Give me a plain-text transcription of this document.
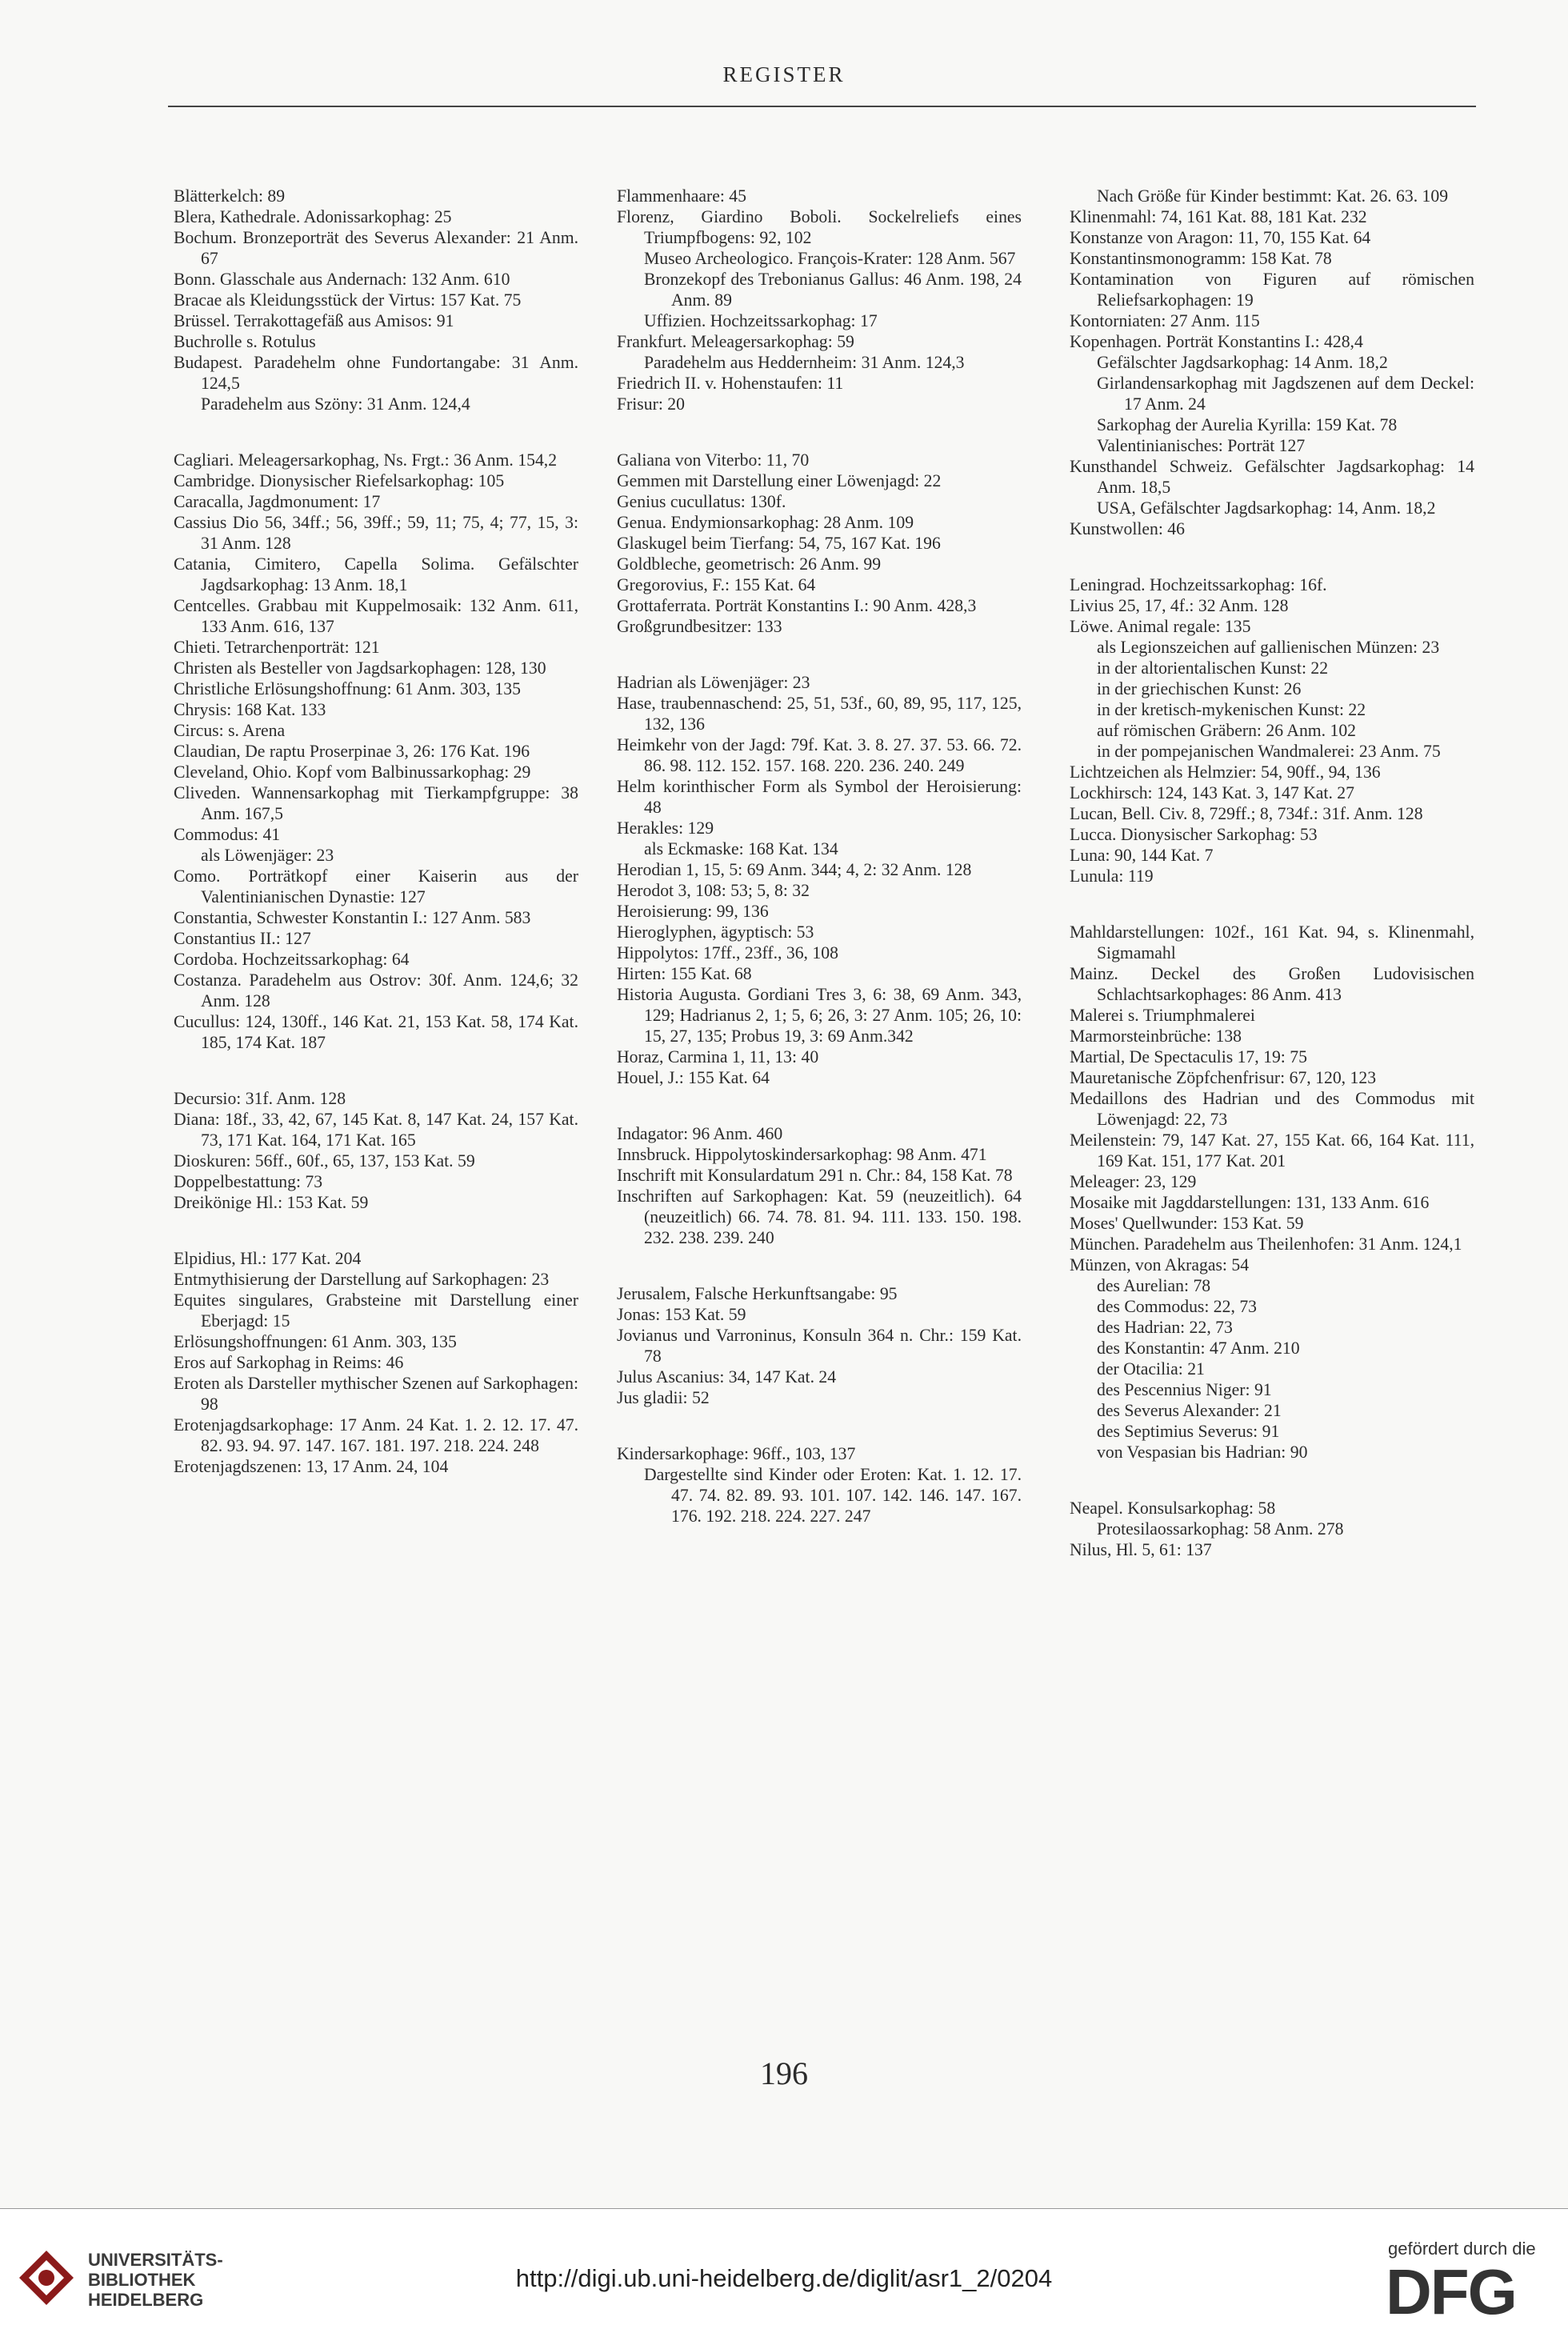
REGISTER

Blätterkelch: 89

Blera, Kathedrale. Adonissarkophag: 25

Bochum. Bronzeporträt des Severus Alexander: 21 Anm. 67

Bonn. Glasschale aus Andernach: 132 Anm. 610

Bracae als Kleidungsstück der Virtus: 157 Kat. 75

Brüssel. Terrakottagefäß aus Amisos: 91

Buchrolle s. Rotulus

Budapest. Paradehelm ohne Fundortangabe: 31 Anm. 124,5

Paradehelm aus Szöny: 31 Anm. 124,4

Cagliari. Meleagersarkophag, Ns. Frgt.: 36 Anm. 154,2

Cambridge. Dionysischer Riefelsarkophag: 105

Caracalla, Jagdmonument: 17

Cassius Dio 56, 34ff.; 56, 39ff.; 59, 11; 75, 4; 77, 15, 3: 31 Anm. 128

Catania, Cimitero, Capella Solima. Gefälschter Jagdsarkophag: 13 Anm. 18,1

Centcelles. Grabbau mit Kuppelmosaik: 132 Anm. 611, 133 Anm. 616, 137

Chieti. Tetrarchenporträt: 121

Christen als Besteller von Jagdsarkophagen: 128, 130

Christliche Erlösungshoffnung: 61 Anm. 303, 135

Chrysis: 168 Kat. 133

Circus: s. Arena

Claudian, De raptu Proserpinae 3, 26: 176 Kat. 196

Cleveland, Ohio. Kopf vom Balbinussarkophag: 29

Cliveden. Wannensarkophag mit Tierkampfgruppe: 38 Anm. 167,5

Commodus: 41

als Löwenjäger: 23

Como. Porträtkopf einer Kaiserin aus der Valentinianischen Dynastie: 127

Constantia, Schwester Konstantin I.: 127 Anm. 583

Constantius II.: 127

Cordoba. Hochzeitssarkophag: 64

Costanza. Paradehelm aus Ostrov: 30f. Anm. 124,6; 32 Anm. 128

Cucullus: 124, 130ff., 146 Kat. 21, 153 Kat. 58, 174 Kat. 185, 174 Kat. 187

Decursio: 31f. Anm. 128

Diana: 18f., 33, 42, 67, 145 Kat. 8, 147 Kat. 24, 157 Kat. 73, 171 Kat. 164, 171 Kat. 165

Dioskuren: 56ff., 60f., 65, 137, 153 Kat. 59

Doppelbestattung: 73

Dreikönige Hl.: 153 Kat. 59

Elpidius, Hl.: 177 Kat. 204

Entmythisierung der Darstellung auf Sarkophagen: 23

Equites singulares, Grabsteine mit Darstellung einer Eberjagd: 15

Erlösungshoffnungen: 61 Anm. 303, 135

Eros auf Sarkophag in Reims: 46

Eroten als Darsteller mythischer Szenen auf Sarkophagen: 98

Erotenjagdsarkophage: 17 Anm. 24 Kat. 1. 2. 12. 17. 47. 82. 93. 94. 97. 147. 167. 181. 197. 218. 224. 248

Erotenjagdszenen: 13, 17 Anm. 24, 104

Flammenhaare: 45

Florenz, Giardino Boboli. Sockelreliefs eines Triumpfbogens: 92, 102

Museo Archeologico. François-Krater: 128 Anm. 567

Bronzekopf des Trebonianus Gallus: 46 Anm. 198, 24 Anm. 89

Uffizien. Hochzeitssarkophag: 17

Frankfurt. Meleagersarkophag: 59

Paradehelm aus Heddernheim: 31 Anm. 124,3

Friedrich II. v. Hohenstaufen: 11

Frisur: 20

Galiana von Viterbo: 11, 70

Gemmen mit Darstellung einer Löwenjagd: 22

Genius cucullatus: 130f.

Genua. Endymionsarkophag: 28 Anm. 109

Glaskugel beim Tierfang: 54, 75, 167 Kat. 196

Goldbleche, geometrisch: 26 Anm. 99

Gregorovius, F.: 155 Kat. 64

Grottaferrata. Porträt Konstantins I.: 90 Anm. 428,3

Großgrundbesitzer: 133

Hadrian als Löwenjäger: 23

Hase, traubennaschend: 25, 51, 53f., 60, 89, 95, 117, 125, 132, 136

Heimkehr von der Jagd: 79f. Kat. 3. 8. 27. 37. 53. 66. 72. 86. 98. 112. 152. 157. 168. 220. 236. 240. 249

Helm korinthischer Form als Symbol der Heroisierung: 48

Herakles: 129

als Eckmaske: 168 Kat. 134

Herodian 1, 15, 5: 69 Anm. 344; 4, 2: 32 Anm. 128

Herodot 3, 108: 53; 5, 8: 32

Heroisierung: 99, 136

Hieroglyphen, ägyptisch: 53

Hippolytos: 17ff., 23ff., 36, 108

Hirten: 155 Kat. 68

Historia Augusta. Gordiani Tres 3, 6: 38, 69 Anm. 343, 129; Hadrianus 2, 1; 5, 6; 26, 3: 27 Anm. 105; 26, 10: 15, 27, 135; Probus 19, 3: 69 Anm.342

Horaz, Carmina 1, 11, 13: 40

Houel, J.: 155 Kat. 64

Indagator: 96 Anm. 460

Innsbruck. Hippolytoskindersarkophag: 98 Anm. 471

Inschrift mit Konsulardatum 291 n. Chr.: 84, 158 Kat. 78

Inschriften auf Sarkophagen: Kat. 59 (neuzeitlich). 64 (neuzeitlich) 66. 74. 78. 81. 94. 111. 133. 150. 198. 232. 238. 239. 240

Jerusalem, Falsche Herkunftsangabe: 95

Jonas: 153 Kat. 59

Jovianus und Varroninus, Konsuln 364 n. Chr.: 159 Kat. 78

Julus Ascanius: 34, 147 Kat. 24

Jus gladii: 52

Kindersarkophage: 96ff., 103, 137

Dargestellte sind Kinder oder Eroten: Kat. 1. 12. 17. 47. 74. 82. 89. 93. 101. 107. 142. 146. 147. 167. 176. 192. 218. 224. 227. 247

Nach Größe für Kinder bestimmt: Kat. 26. 63. 109

Klinenmahl: 74, 161 Kat. 88, 181 Kat. 232

Konstanze von Aragon: 11, 70, 155 Kat. 64

Konstantinsmonogramm: 158 Kat. 78

Kontamination von Figuren auf römischen Reliefsarkophagen: 19

Kontorniaten: 27 Anm. 115

Kopenhagen. Porträt Konstantins I.: 428,4

Gefälschter Jagdsarkophag: 14 Anm. 18,2

Girlandensarkophag mit Jagdszenen auf dem Deckel: 17 Anm. 24

Sarkophag der Aurelia Kyrilla: 159 Kat. 78

Valentinianisches: Porträt 127

Kunsthandel Schweiz. Gefälschter Jagdsarkophag: 14 Anm. 18,5

USA, Gefälschter Jagdsarkophag: 14, Anm. 18,2

Kunstwollen: 46

Leningrad. Hochzeitssarkophag: 16f.

Livius 25, 17, 4f.: 32 Anm. 128

Löwe. Animal regale: 135

als Legionszeichen auf gallienischen Münzen: 23

in der altorientalischen Kunst: 22

in der griechischen Kunst: 26

in der kretisch-mykenischen Kunst: 22

auf römischen Gräbern: 26 Anm. 102

in der pompejanischen Wandmalerei: 23 Anm. 75

Lichtzeichen als Helmzier: 54, 90ff., 94, 136

Lockhirsch: 124, 143 Kat. 3, 147 Kat. 27

Lucan, Bell. Civ. 8, 729ff.; 8, 734f.: 31f. Anm. 128

Lucca. Dionysischer Sarkophag: 53

Luna: 90, 144 Kat. 7

Lunula: 119

Mahldarstellungen: 102f., 161 Kat. 94, s. Klinenmahl, Sigmamahl

Mainz. Deckel des Großen Ludovisischen Schlachtsarkophages: 86 Anm. 413

Malerei s. Triumphmalerei

Marmorsteinbrüche: 138

Martial, De Spectaculis 17, 19: 75

Mauretanische Zöpfchenfrisur: 67, 120, 123

Medaillons des Hadrian und des Commodus mit Löwenjagd: 22, 73

Meilenstein: 79, 147 Kat. 27, 155 Kat. 66, 164 Kat. 111, 169 Kat. 151, 177 Kat. 201

Meleager: 23, 129

Mosaike mit Jagddarstellungen: 131, 133 Anm. 616

Moses' Quellwunder: 153 Kat. 59

München. Paradehelm aus Theilenhofen: 31 Anm. 124,1

Münzen, von Akragas: 54

des Aurelian: 78

des Commodus: 22, 73

des Hadrian: 22, 73

des Konstantin: 47 Anm. 210

der Otacilia: 21

des Pescennius Niger: 91

des Severus Alexander: 21

des Septimius Severus: 91

von Vespasian bis Hadrian: 90

Neapel. Konsulsarkophag: 58

Protesilaossarkophag: 58 Anm. 278

Nilus, Hl. 5, 61: 137

196
UNIVERSITÄTS-
BIBLIOTHEK
HEIDELBERG
http://digi.ub.uni-heidelberg.de/diglit/asr1_2/0204
gefördert durch die
DFG
